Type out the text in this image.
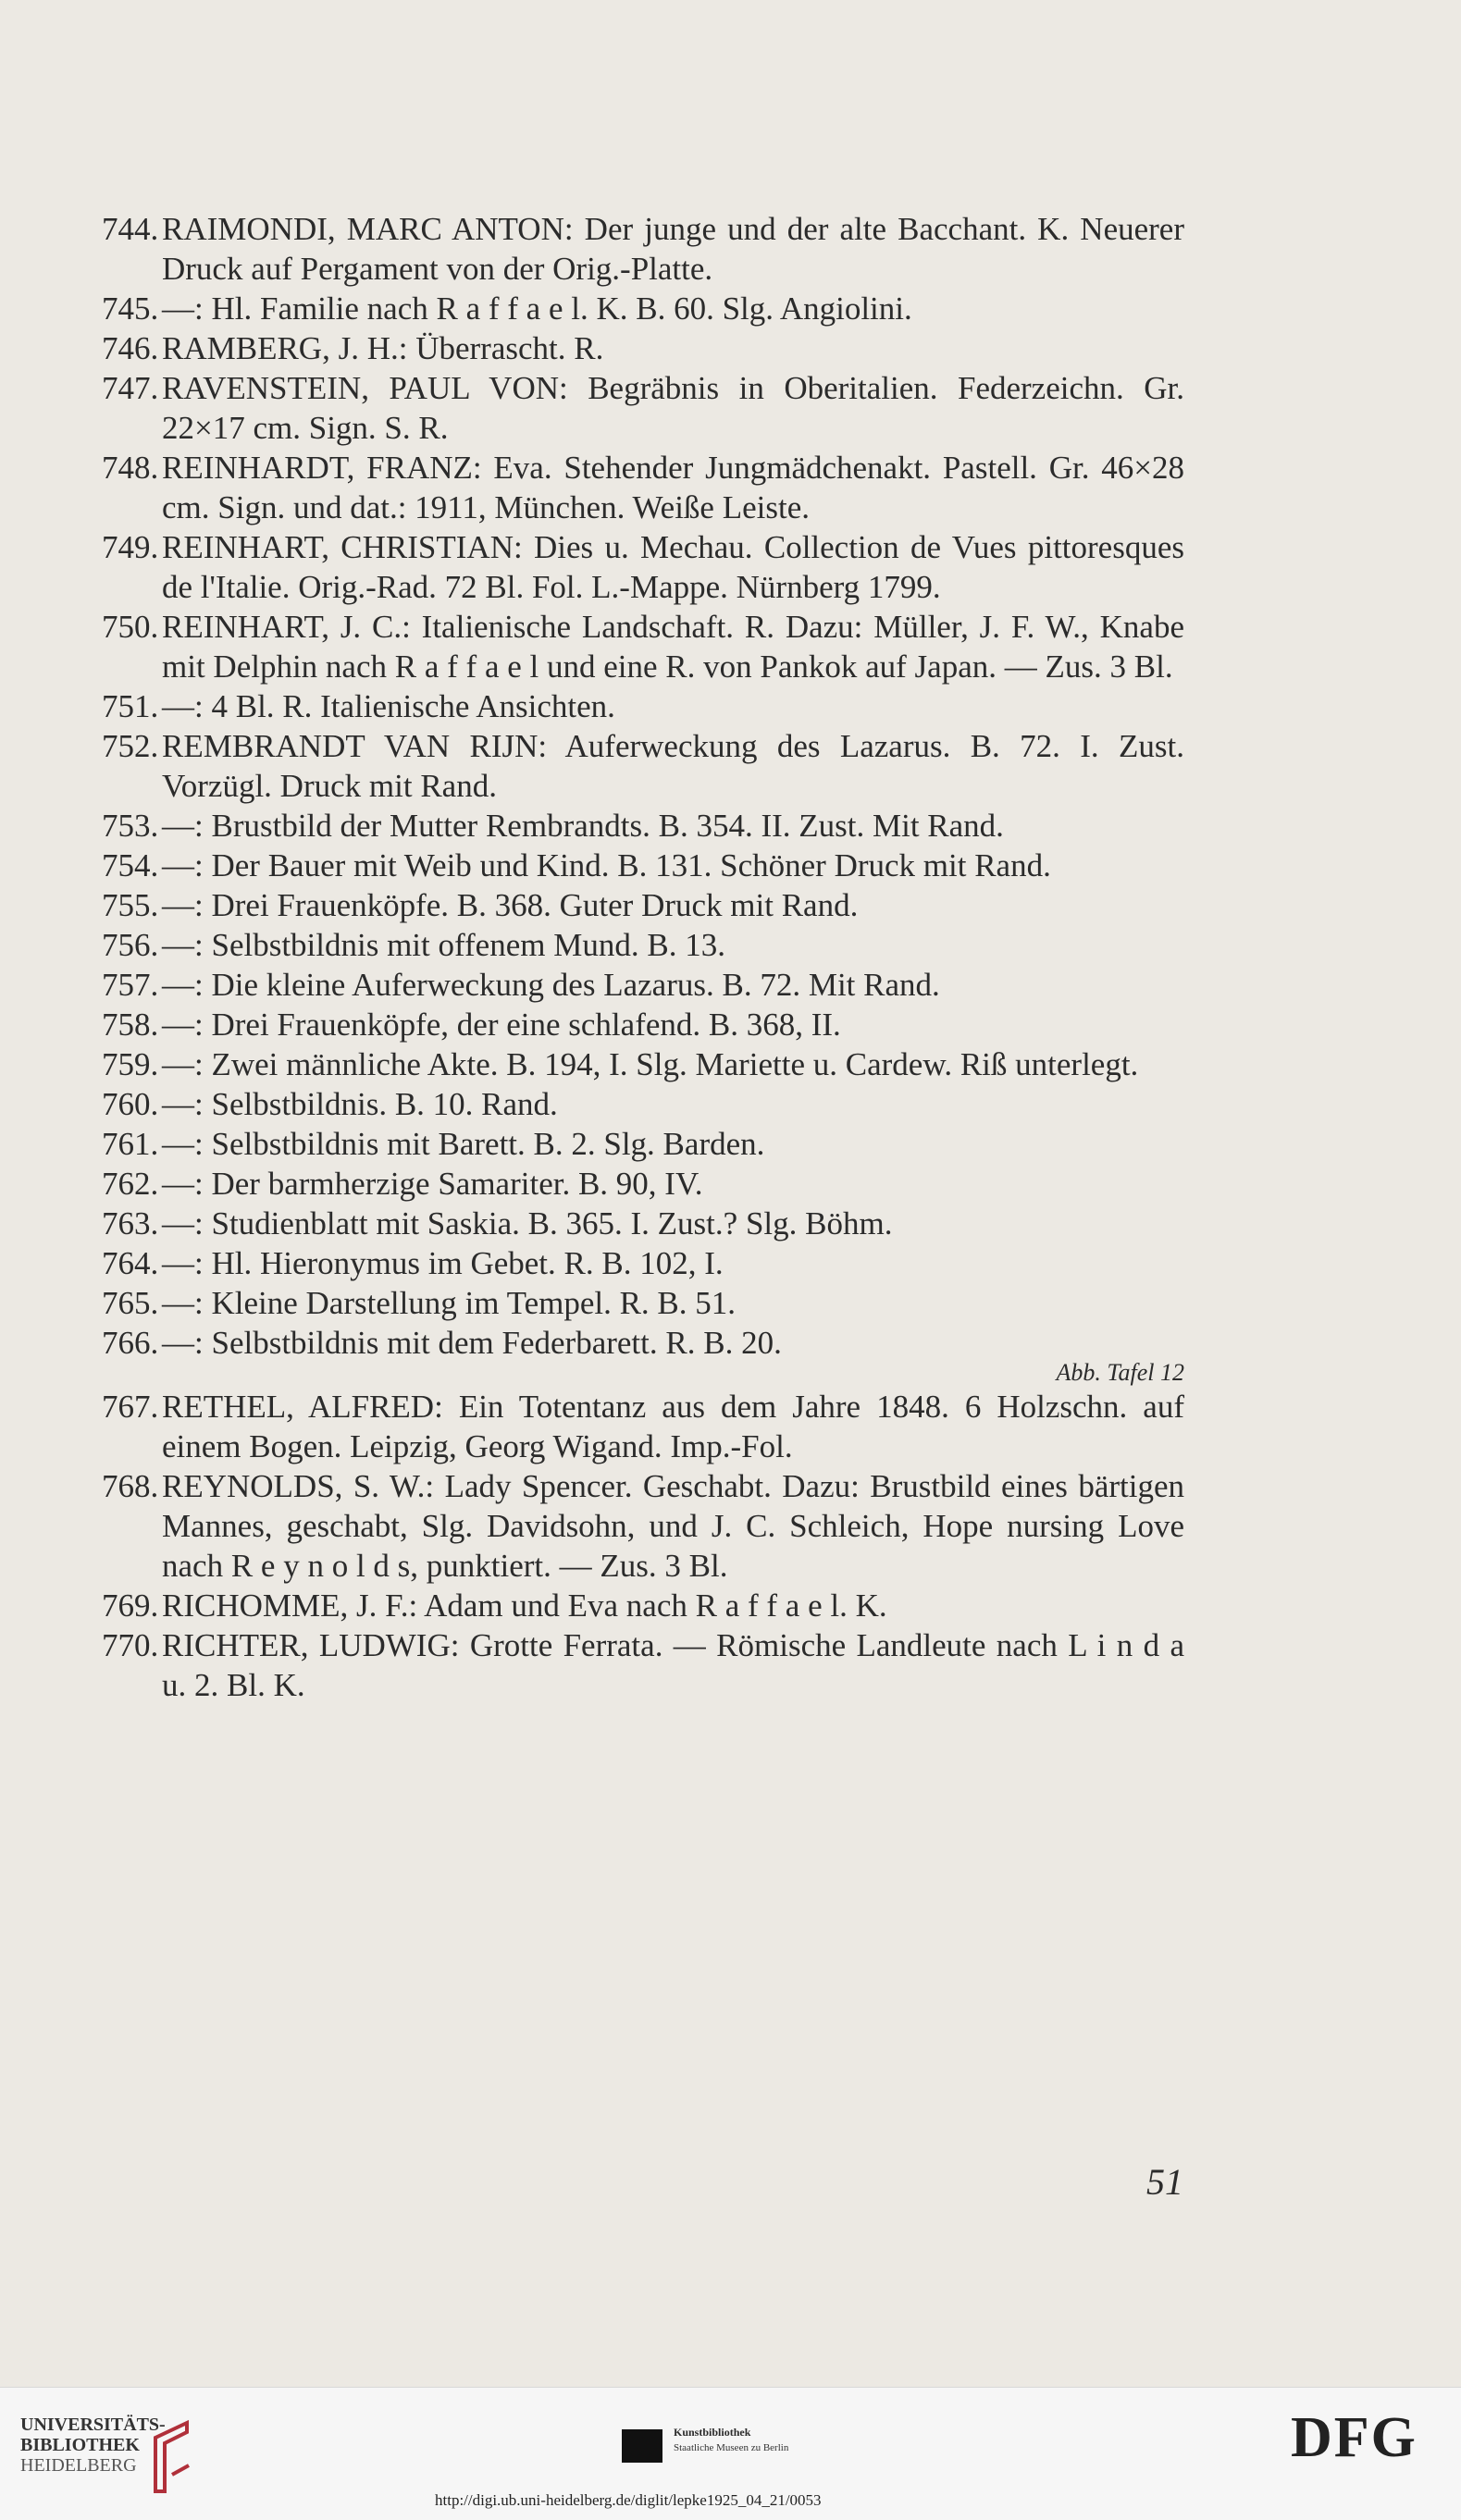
744. RAIMONDI, MARC ANTON: Der junge und der alte Bacchant. K. Neuerer Druck auf Pergament von der Orig.-Platte.
745. —: Hl. Familie nach R a f f a e l. K. B. 60. Slg. Angiolini.
746. RAMBERG, J. H.: Überrascht. R.
747. RAVENSTEIN, PAUL VON: Begräbnis in Oberitalien. Federzeichn. Gr. 22×17 cm. Sign. S. R.
748. REINHARDT, FRANZ: Eva. Stehender Jungmädchenakt. Pastell. Gr. 46×28 cm. Sign. und dat.: 1911, München. Weiße Leiste.
749. REINHART, CHRISTIAN: Dies u. Mechau. Collection de Vues pittoresques de l'Italie. Orig.-Rad. 72 Bl. Fol. L.-Mappe. Nürnberg 1799.
750. REINHART, J. C.: Italienische Landschaft. R. Dazu: Müller, J. F. W., Knabe mit Delphin nach R a f f a e l und eine R. von Pankok auf Japan. — Zus. 3 Bl.
751. —: 4 Bl. R. Italienische Ansichten.
752. REMBRANDT VAN RIJN: Auferweckung des Lazarus. B. 72. I. Zust. Vorzügl. Druck mit Rand.
753. —: Brustbild der Mutter Rembrandts. B. 354. II. Zust. Mit Rand.
754. —: Der Bauer mit Weib und Kind. B. 131. Schöner Druck mit Rand.
755. —: Drei Frauenköpfe. B. 368. Guter Druck mit Rand.
756. —: Selbstbildnis mit offenem Mund. B. 13.
757. —: Die kleine Auferweckung des Lazarus. B. 72. Mit Rand.
758. —: Drei Frauenköpfe, der eine schlafend. B. 368, II.
759. —: Zwei männliche Akte. B. 194, I. Slg. Mariette u. Cardew. Riß unterlegt.
760. —: Selbstbildnis. B. 10. Rand.
761. —: Selbstbildnis mit Barett. B. 2. Slg. Barden.
762. —: Der barmherzige Samariter. B. 90, IV.
763. —: Studienblatt mit Saskia. B. 365. I. Zust.? Slg. Böhm.
764. —: Hl. Hieronymus im Gebet. R. B. 102, I.
765. —: Kleine Darstellung im Tempel. R. B. 51.
766. —: Selbstbildnis mit dem Federbarett. R. B. 20.
Abb. Tafel 12
767. RETHEL, ALFRED: Ein Totentanz aus dem Jahre 1848. 6 Holzschn. auf einem Bogen. Leipzig, Georg Wigand. Imp.-Fol.
768. REYNOLDS, S. W.: Lady Spencer. Geschabt. Dazu: Brustbild eines bärtigen Mannes, geschabt, Slg. Davidsohn, und J. C. Schleich, Hope nursing Love nach R e y n o l d s, punktiert. — Zus. 3 Bl.
769. RICHOMME, J. F.: Adam und Eva nach R a f f a e l. K.
770. RICHTER, LUDWIG: Grotte Ferrata. — Römische Landleute nach L i n d a u. 2. Bl. K.
51
UNIVERSITÄTS-
BIBLIOTHEK
HEIDELBERG
Kunstbibliothek
Staatliche Museen zu Berlin	DFG
http://digi.ub.uni-heidelberg.de/diglit/lepke1925_04_21/0053
